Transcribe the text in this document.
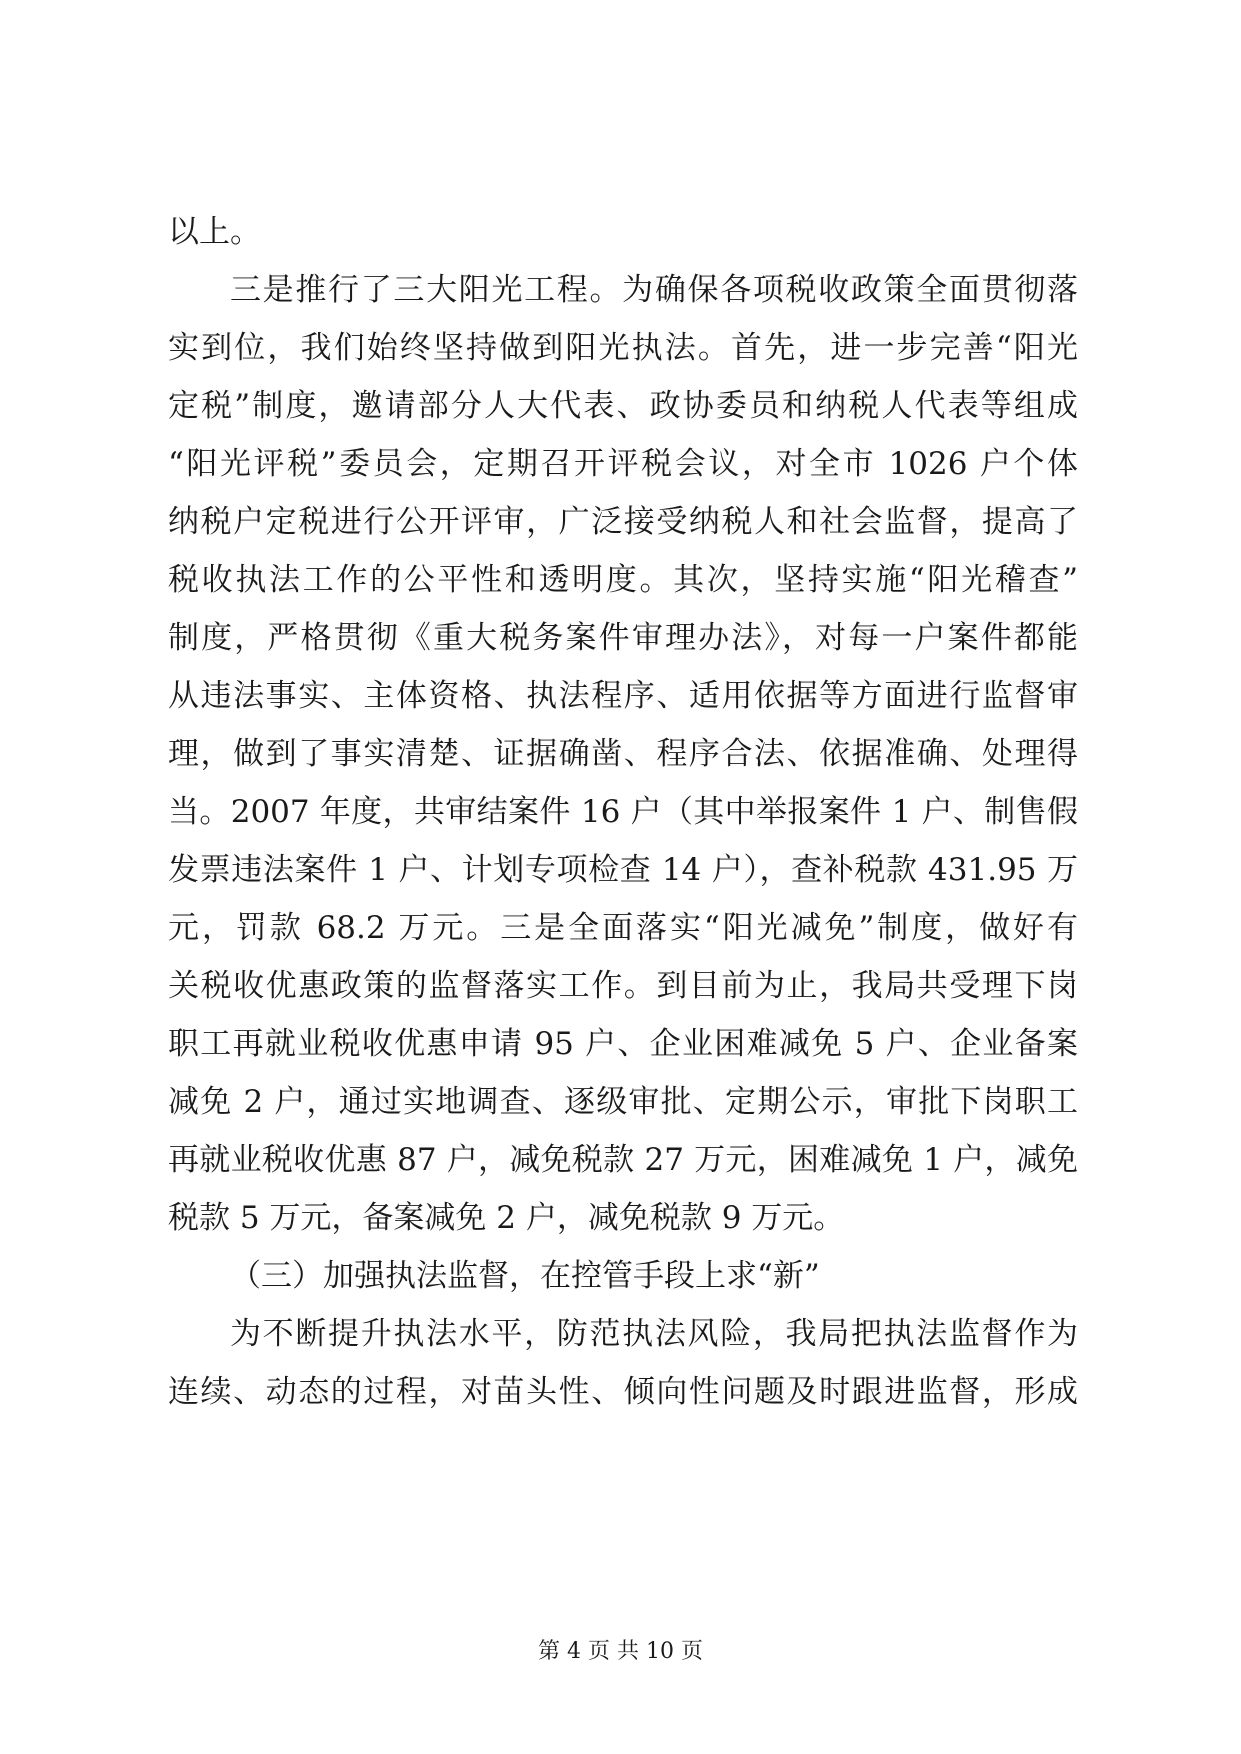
以上。
三是推行了三大阳光工程。为确保各项税收政策全面贯彻落
实到位，我们始终坚持做到阳光执法。首先，进一步完善“阳光
定税”制度，邀请部分人大代表、政协委员和纳税人代表等组成
“阳光评税”委员会，定期召开评税会议，对全市 1026 户个体
纳税户定税进行公开评审，广泛接受纳税人和社会监督，提高了
税收执法工作的公平性和透明度。其次，坚持实施“阳光稽查”
制度，严格贯彻《重大税务案件审理办法》，对每一户案件都能
从违法事实、主体资格、执法程序、适用依据等方面进行监督审
理，做到了事实清楚、证据确凿、程序合法、依据准确、处理得
当。2007 年度，共审结案件 16 户（其中举报案件 1 户、制售假
发票违法案件 1 户、计划专项检查 14 户），查补税款 431.95 万
元，罚款 68.2 万元。三是全面落实“阳光减免”制度，做好有
关税收优惠政策的监督落实工作。到目前为止，我局共受理下岗
职工再就业税收优惠申请 95 户、企业困难减免 5 户、企业备案
减免 2 户，通过实地调查、逐级审批、定期公示，审批下岗职工
再就业税收优惠 87 户，减免税款 27 万元，困难减免 1 户，减免
税款 5 万元，备案减免 2 户，减免税款 9 万元。
（三）加强执法监督，在控管手段上求“新”
为不断提升执法水平，防范执法风险，我局把执法监督作为
连续、动态的过程，对苗头性、倾向性问题及时跟进监督，形成
第 4 页 共 10 页
